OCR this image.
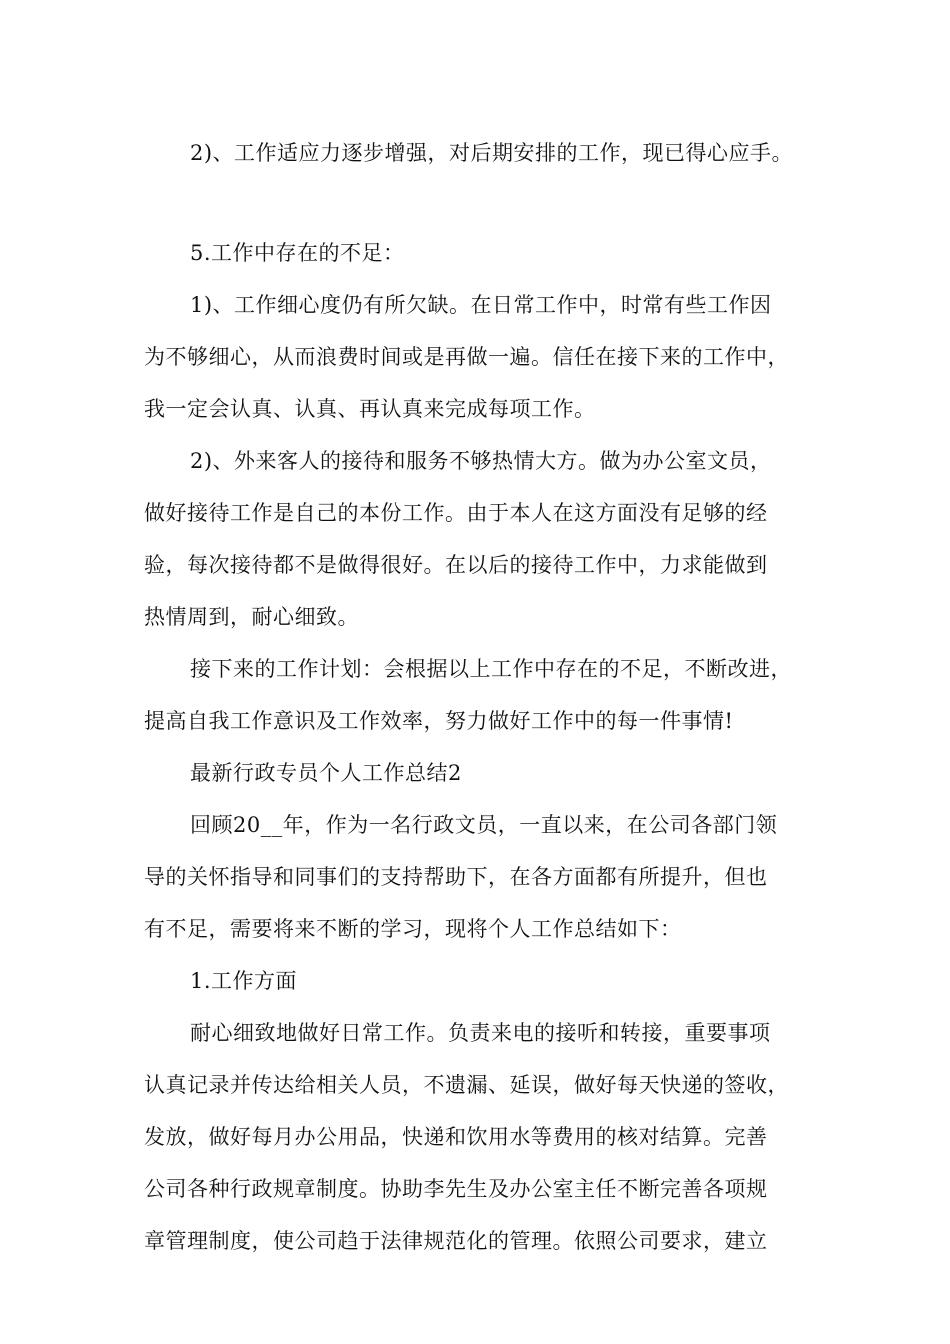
2)、工作适应力逐步增强，对后期安排的工作，现已得心应手。
5.工作中存在的不足：
1)、工作细心度仍有所欠缺。在日常工作中，时常有些工作因
为不够细心，从而浪费时间或是再做一遍。信任在接下来的工作中，
我一定会认真、认真、再认真来完成每项工作。
2)、外来客人的接待和服务不够热情大方。做为办公室文员，
做好接待工作是自己的本份工作。由于本人在这方面没有足够的经
验，每次接待都不是做得很好。在以后的接待工作中，力求能做到
热情周到，耐心细致。
接下来的工作计划：会根据以上工作中存在的不足，不断改进，
提高自我工作意识及工作效率，努力做好工作中的每一件事情!
最新行政专员个人工作总结2
回顾20__年，作为一名行政文员，一直以来，在公司各部门领
导的关怀指导和同事们的支持帮助下，在各方面都有所提升，但也
有不足，需要将来不断的学习，现将个人工作总结如下：
1.工作方面
耐心细致地做好日常工作。负责来电的接听和转接，重要事项
认真记录并传达给相关人员，不遗漏、延误，做好每天快递的签收，
发放，做好每月办公用品，快递和饮用水等费用的核对结算。完善
公司各种行政规章制度。协助李先生及办公室主任不断完善各项规
章管理制度，使公司趋于法律规范化的管理。依照公司要求，建立
